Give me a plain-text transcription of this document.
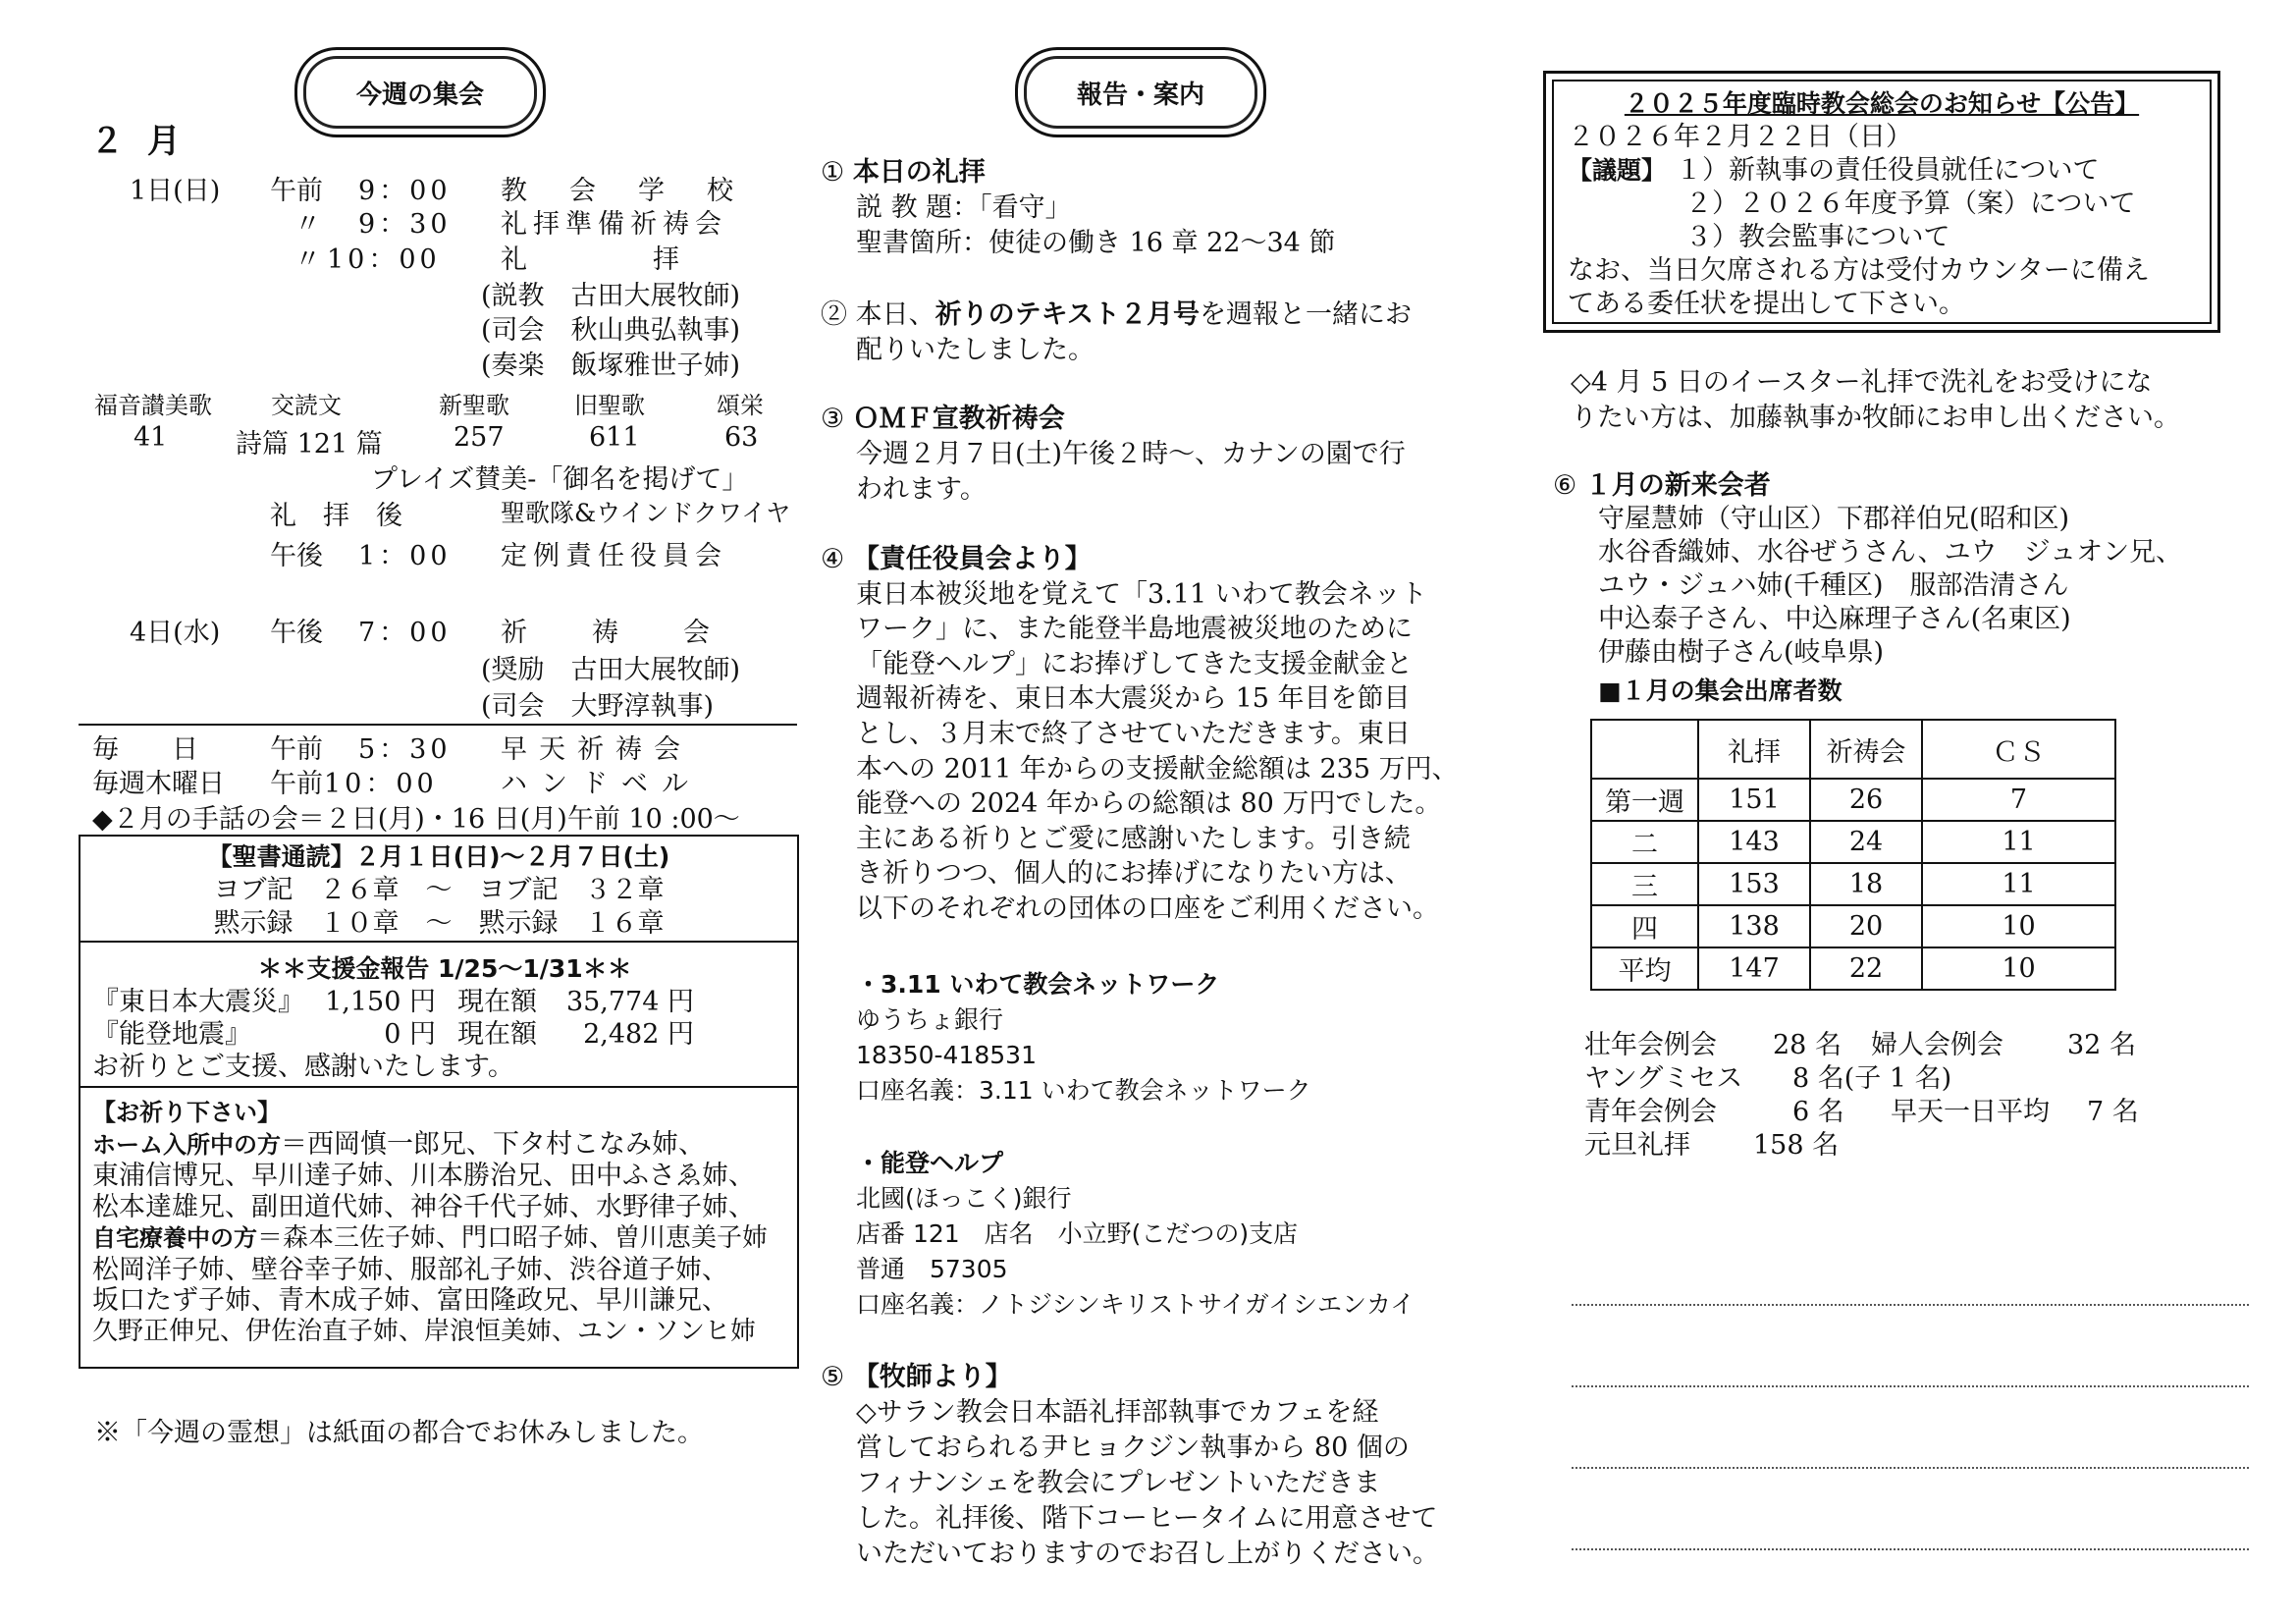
今週の集会
２ 月
1日(日) 午前 9：00 教　会　学　校
〃 9：30 礼拝準備祈祷会
〃 10：00 礼　　　　拝
(説教　古田大展牧師)
(司会　秋山典弘執事)
(奏楽　飯塚雅世子姉)
福音讃美歌	交読文	新聖歌	旧聖歌	頌栄
41	詩篇 121 篇	257	611	63
プレイズ賛美-「御名を掲げて」
礼　拝　後	聖歌隊&ウインドクワイヤ
午後 1：00 定例責任役員会
4日(水) 午後 7：00 祈　　祷　　会
(奨励　古田大展牧師)
(司会　大野淳執事)
毎　　日	午前 5：30 早天祈祷会
毎週木曜日 午前 10：00 ハンドベル
◆２月の手話の会＝２日(月)・16 日(月)午前 10 :00〜
【聖書通読】２月１日(日)〜２月７日(土)
ヨブ記　２６章　〜　ヨブ記　３２章
黙示録　１０章　〜　黙示録　１６章
＊＊支援金報告 1/25〜1/31＊＊
『東日本大震災』 1,150 円 現在額	35,774 円
『能登地震』	0 円 現在額	2,482 円
お祈りとご支援、感謝いたします。
【お祈り下さい】
ホーム入所中の方＝西岡慎一郎兄、下タ村こなみ姉、
東浦信博兄、早川達子姉、川本勝治兄、田中ふさゑ姉、
松本達雄兄、副田道代姉、神谷千代子姉、水野律子姉、
自宅療養中の方＝森本三佐子姉、門口昭子姉、曽川恵美子姉
松岡洋子姉、壁谷幸子姉、服部礼子姉、渋谷道子姉、
坂口たず子姉、青木成子姉、富田隆政兄、早川謙兄、
久野正伸兄、伊佐治直子姉、岸浪恒美姉、ユン・ソンヒ姉
※「今週の霊想」は紙面の都合でお休みしました。
報告・案内
① 本日の礼拝
説 教 題：「看守」
聖書箇所：使徒の働き 16 章 22〜34 節
② 本日、祈りのテキスト２月号を週報と一緒にお
配りいたしました。
③ ＯＭＦ宣教祈祷会
今週２月７日(土)午後２時〜、カナンの園で行
われます。
④ 【責任役員会より】
東日本被災地を覚えて「3.11 いわて教会ネット
ワーク」に、また能登半島地震被災地のために
「能登ヘルプ」にお捧げしてきた支援金献金と
週報祈祷を、東日本大震災から 15 年目を節目
とし、３月末で終了させていただきます。東日
本への 2011 年からの支援献金総額は 235 万円、
能登への 2024 年からの総額は 80 万円でした。
主にある祈りとご愛に感謝いたします。引き続
き祈りつつ、個人的にお捧げになりたい方は、
以下のそれぞれの団体の口座をご利用ください。
・3.11 いわて教会ネットワーク
ゆうちょ銀行
18350-418531
口座名義：3.11 いわて教会ネットワーク
・能登ヘルプ
北國(ほっこく)銀行
店番 121　店名　小立野(こだつの)支店
普通　57305
口座名義：ノトジシンキリストサイガイシエンカイ
⑤ 【牧師より】
◇サラン教会日本語礼拝部執事でカフェを経
営しておられる尹ヒョクジン執事から 80 個の
フィナンシェを教会にプレゼントいただきま
した。礼拝後、階下コーヒータイムに用意させて
いただいておりますのでお召し上がりください。
２０２５年度臨時教会総会のお知らせ【公告】
２０２６年２月２２日（日）
【議題】 １）新執事の責任役員就任について
２）２０２６年度予算（案）について
３）教会監事について
なお、当日欠席される方は受付カウンターに備え
てある委任状を提出して下さい。
◇4 月 5 日のイースター礼拝で洗礼をお受けにな
りたい方は、加藤執事か牧師にお申し出ください。
⑥ １月の新来会者
守屋慧姉（守山区）下郡祥伯兄(昭和区)
水谷香織姉、水谷ぜうさん、ユウ　ジュオン兄、
ユウ・ジュハ姉(千種区)　服部浩清さん
中込泰子さん、中込麻理子さん(名東区)
伊藤由樹子さん(岐阜県)
■１月の集会出席者数
	礼拝	祈祷会	ＣＳ
第一週	151	26	7
二	143	24	11
三	153	18	11
四	138	20	10
平均	147	22	10
壮年会例会	28 名	婦人会例会	32 名
ヤングミセス	8 名(子 1 名)
青年会例会	6 名	早天一日平均	7 名
元旦礼拝	158 名
